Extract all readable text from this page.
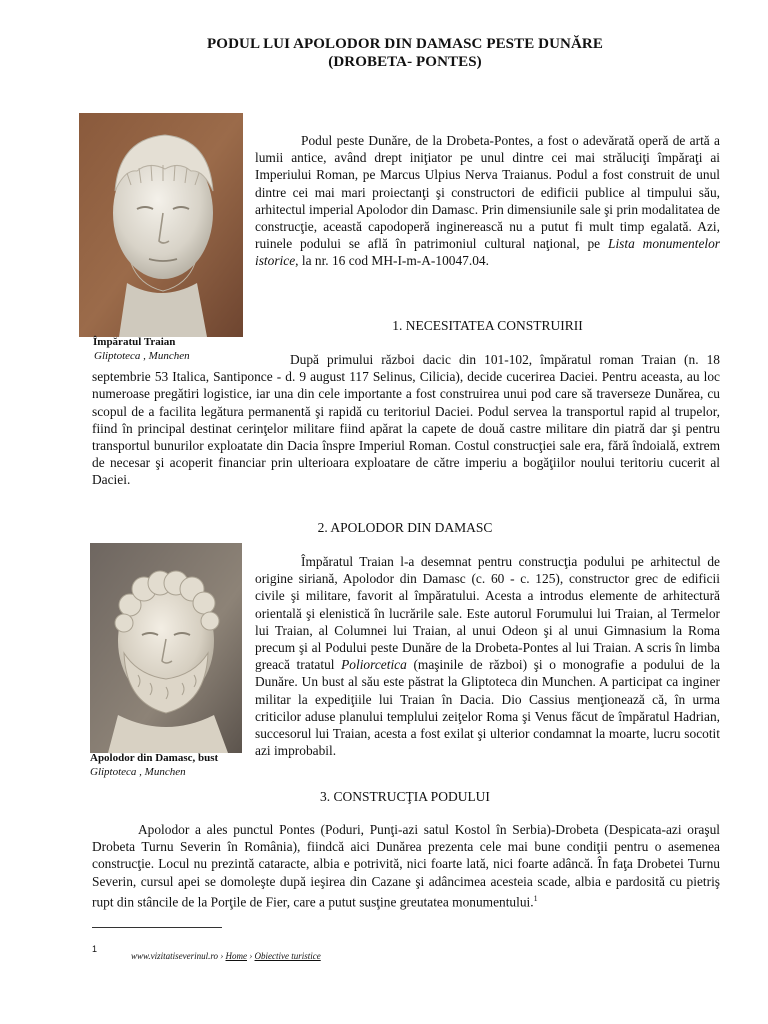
PODUL LUI APOLODOR DIN DAMASC PESTE DUNĂRE
(DROBETA- PONTES)
Împăratul Traian
Gliptoteca , Munchen

Podul peste Dunăre, de la Drobeta-Pontes, a fost o adevărată operă de artă a lumii antice, având drept iniţiator pe unul dintre cei mai străluciţi împăraţi ai Imperiului Roman, pe Marcus Ulpius Nerva Traianus. Podul a fost construit de unul dintre cei mai mari proiectanţi şi constructori de edificii publice al timpului său, arhitectul imperial Apolodor din Damasc. Prin dimensiunile sale şi prin modalitatea de construcţie, această capodoperă inginerească nu a putut fi mult timp egalată. Azi, ruinele podului se află în patrimoniul cultural naţional, pe Lista monumentelor istorice, la nr. 16 cod MH-I-m-A-10047.04.

1. NECESITATEA CONSTRUIRII

După primului război dacic din 101-102, împăratul roman Traian (n. 18 septembrie 53 Italica, Santiponce - d. 9 august 117 Selinus, Cilicia), decide cucerirea Daciei. Pentru aceasta, au loc numeroase pregătiri logistice, iar una din cele importante a fost construirea unui pod care să traverseze Dunărea, cu scopul de a facilita legătura permanentă şi rapidă cu teritoriul Daciei. Podul servea la transportul rapid al trupelor, fiind în principal destinat cerinţelor militare fiind apărat la capete de două castre militare din piatră dar şi pentru transportul bunurilor exploatate din Dacia înspre Imperiul Roman. Costul construcţiei sale era, fără îndoială, extrem de necesar şi acoperit financiar prin ulterioara exploatare de către imperiu a bogăţiilor noului teritoriu cucerit al Daciei.

2. APOLODOR DIN DAMASC
Apolodor din Damasc, bust
Gliptoteca , Munchen

Împăratul Traian l-a desemnat pentru construcţia podului pe arhitectul de origine siriană, Apolodor din Damasc (c. 60 - c. 125), constructor grec de edificii civile şi militare, favorit al împăratului. Acesta a introdus elemente de arhitectură orientală şi elenistică în lucrările sale. Este autorul Forumului lui Traian, al Termelor lui Traian, al Columnei lui Traian, al unui Odeon şi al unui Gimnasium la Roma precum şi al Podului peste Dunăre de la Drobeta-Pontes al lui Traian. A scris în limba greacă tratatul Poliorcetica (maşinile de război) şi o monografie a podului de la Dunăre. Un bust al său este păstrat la Gliptoteca din Munchen. A participat ca inginer militar la expediţiile lui Traian în Dacia. Dio Cassius menţionează că, în urma criticilor aduse planului templului zeiţelor Roma şi Venus făcut de împăratul Hadrian, succesorul lui Traian, acesta a fost exilat şi ulterior condamnat la moarte, lucru socotit azi improbabil.

3. CONSTRUCŢIA PODULUI

Apolodor a ales punctul Pontes (Poduri, Punţi-azi satul Kostol în Serbia)-Drobeta (Despicata-azi oraşul Drobeta Turnu Severin în România), fiindcă aici Dunărea prezenta cele mai bune condiţii pentru o asemenea construcţie. Locul nu prezintă cataracte, albia e potrivită, nici foarte lată, nici foarte adâncă. În faţa Drobetei Turnu Severin, cursul apei se domoleşte după ieşirea din Cazane şi adâncimea acesteia scade, albia e pardosită cu pietriş rupt din stâncile de la Porţile de Fier, care a putut susţine greutatea monumentului.$^1$

1
www.vizitatiseverinul.ro › Home › Obiective turistice
